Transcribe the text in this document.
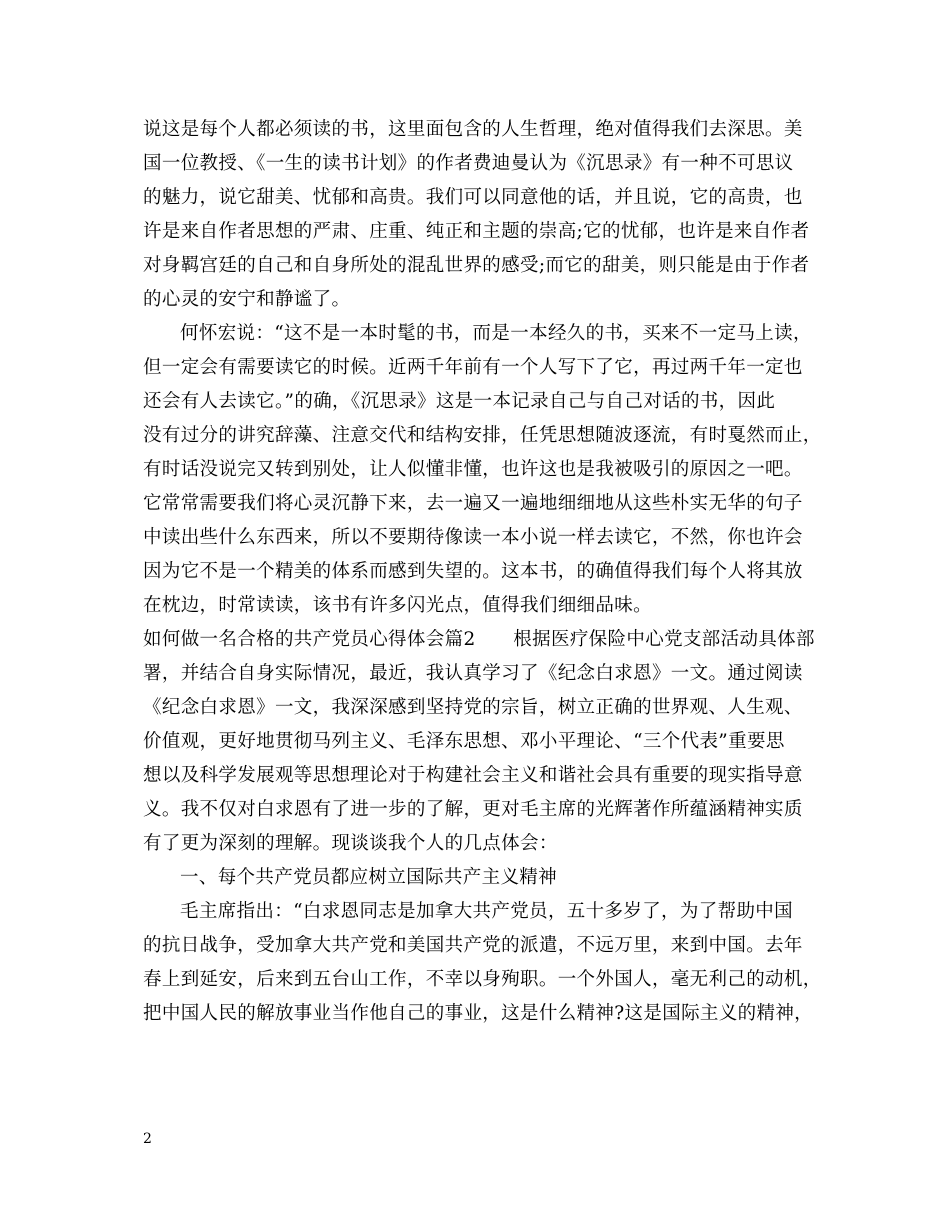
说这是每个人都必须读的书，这里面包含的人生哲理，绝对值得我们去深思。美
国一位教授、《一生的读书计划》的作者费迪曼认为《沉思录》有一种不可思议
的魅力，说它甜美、忧郁和高贵。我们可以同意他的话，并且说，它的高贵，也
许是来自作者思想的严肃、庄重、纯正和主题的崇高;它的忧郁，也许是来自作者
对身羁宫廷的自己和自身所处的混乱世界的感受;而它的甜美，则只能是由于作者
的心灵的安宁和静谧了。
何怀宏说：“这不是一本时髦的书，而是一本经久的书，买来不一定马上读，
但一定会有需要读它的时候。近两千年前有一个人写下了它，再过两千年一定也
还会有人去读它。”的确，《沉思录》这是一本记录自己与自己对话的书，因此
没有过分的讲究辞藻、注意交代和结构安排，任凭思想随波逐流，有时戛然而止，
有时话没说完又转到别处，让人似懂非懂，也许这也是我被吸引的原因之一吧。
它常常需要我们将心灵沉静下来，去一遍又一遍地细细地从这些朴实无华的句子
中读出些什么东西来，所以不要期待像读一本小说一样去读它，不然，你也许会
因为它不是一个精美的体系而感到失望的。这本书，的确值得我们每个人将其放
在枕边，时常读读，该书有许多闪光点，值得我们细细品味。
如何做一名合格的共产党员心得体会篇2　　根据医疗保险中心党支部活动具体部
署，并结合自身实际情况，最近，我认真学习了《纪念白求恩》一文。通过阅读
《纪念白求恩》一文，我深深感到坚持党的宗旨，树立正确的世界观、人生观、
价值观，更好地贯彻马列主义、毛泽东思想、邓小平理论、“三个代表”重要思
想以及科学发展观等思想理论对于构建社会主义和谐社会具有重要的现实指导意
义。我不仅对白求恩有了进一步的了解，更对毛主席的光辉著作所蕴涵精神实质
有了更为深刻的理解。现谈谈我个人的几点体会：
一、每个共产党员都应树立国际共产主义精神
毛主席指出：“白求恩同志是加拿大共产党员，五十多岁了，为了帮助中国
的抗日战争，受加拿大共产党和美国共产党的派遣，不远万里，来到中国。去年
春上到延安，后来到五台山工作，不幸以身殉职。一个外国人，毫无利己的动机，
把中国人民的解放事业当作他自己的事业，这是什么精神?这是国际主义的精神，
2
